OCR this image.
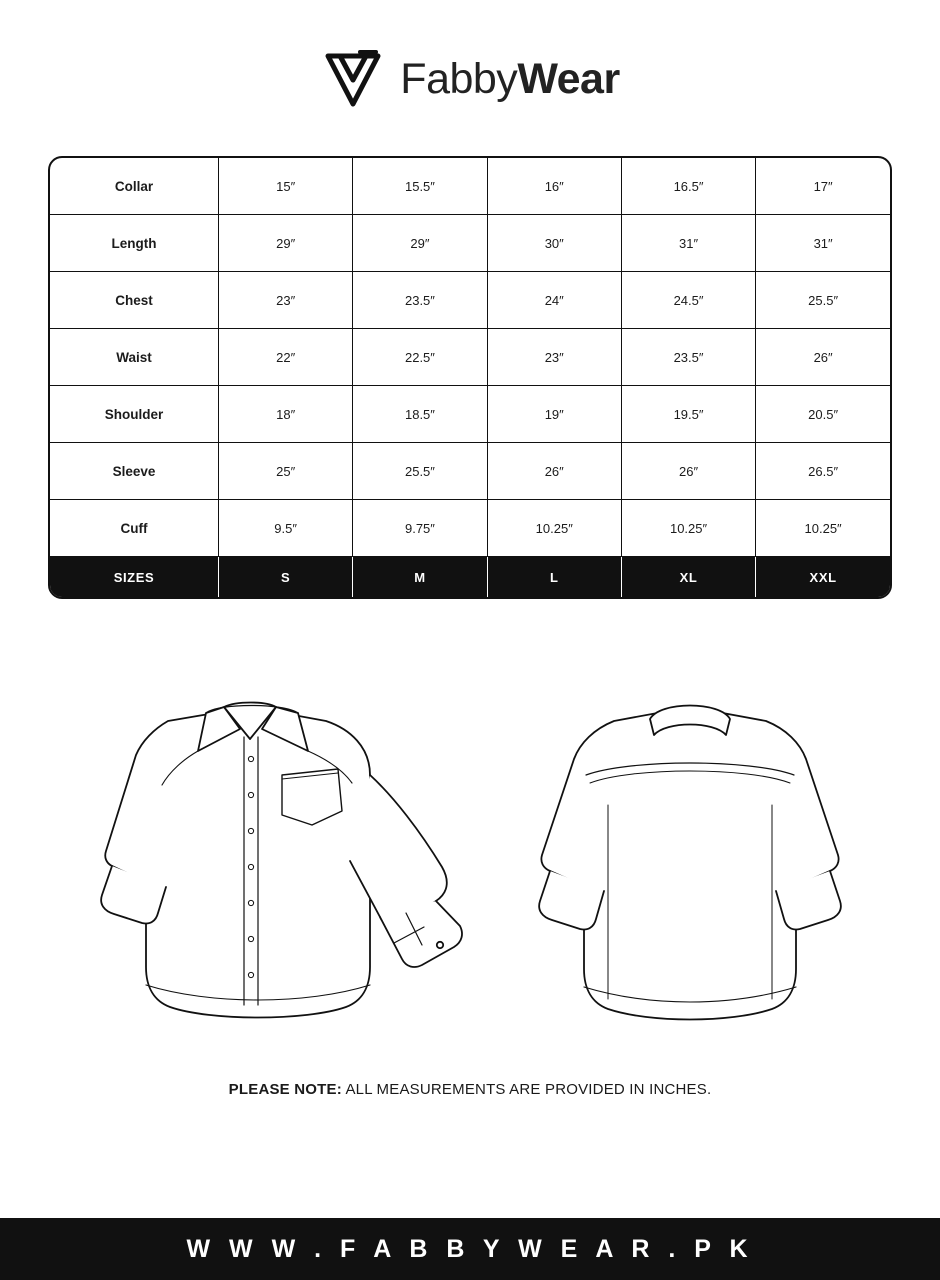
FabbyWear
Collar	15″	15.5″	16″	16.5″	17″
Length	29″	29″	30″	31″	31″
Chest	23″	23.5″	24″	24.5″	25.5″
Waist	22″	22.5″	23″	23.5″	26″
Shoulder	18″	18.5″	19″	19.5″	20.5″
Sleeve	25″	25.5″	26″	26″	26.5″
Cuff	9.5″	9.75″	10.25″	10.25″	10.25″
SIZES	S	M	L	XL	XXL
PLEASE NOTE: ALL MEASUREMENTS ARE PROVIDED IN INCHES.
W W W . F A B B Y W E A R . P K
